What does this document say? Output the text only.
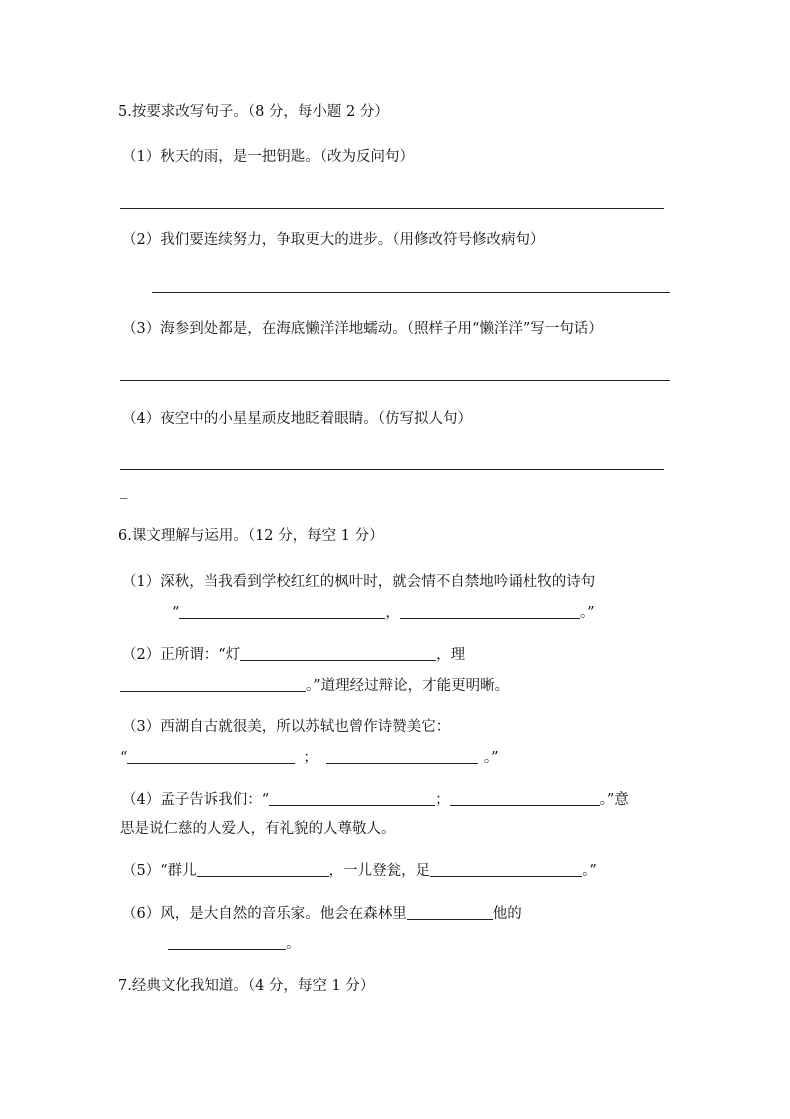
5.按要求改写句子。（8 分，每小题 2 分）
（1）秋天的雨，是一把钥匙。（改为反问句）
（2）我们要连续努力，争取更大的进步。（用修改符号修改病句）
（3）海参到处都是，在海底懒洋洋地蠕动。（照样子用“懒洋洋”写一句话）
（4）夜空中的小星星顽皮地眨着眼睛。（仿写拟人句）
_
6.课文理解与运用。（12 分，每空 1 分）
（1）深秋，当我看到学校红红的枫叶时，就会情不自禁地吟诵杜牧的诗句
“	，	。”
（2）正所谓：“灯	，理
。”道理经过辩论，才能更明晰。
（3）西湖自古就很美，所以苏轼也曾作诗赞美它：
“	；	。”
（4）孟子告诉我们：“	；	。”意
思是说仁慈的人爱人，有礼貌的人尊敬人。
（5）“群儿	，一儿登瓮，足	。”
（6）风，是大自然的音乐家。他会在森林里	他的
。
7.经典文化我知道。（4 分，每空 1 分）
